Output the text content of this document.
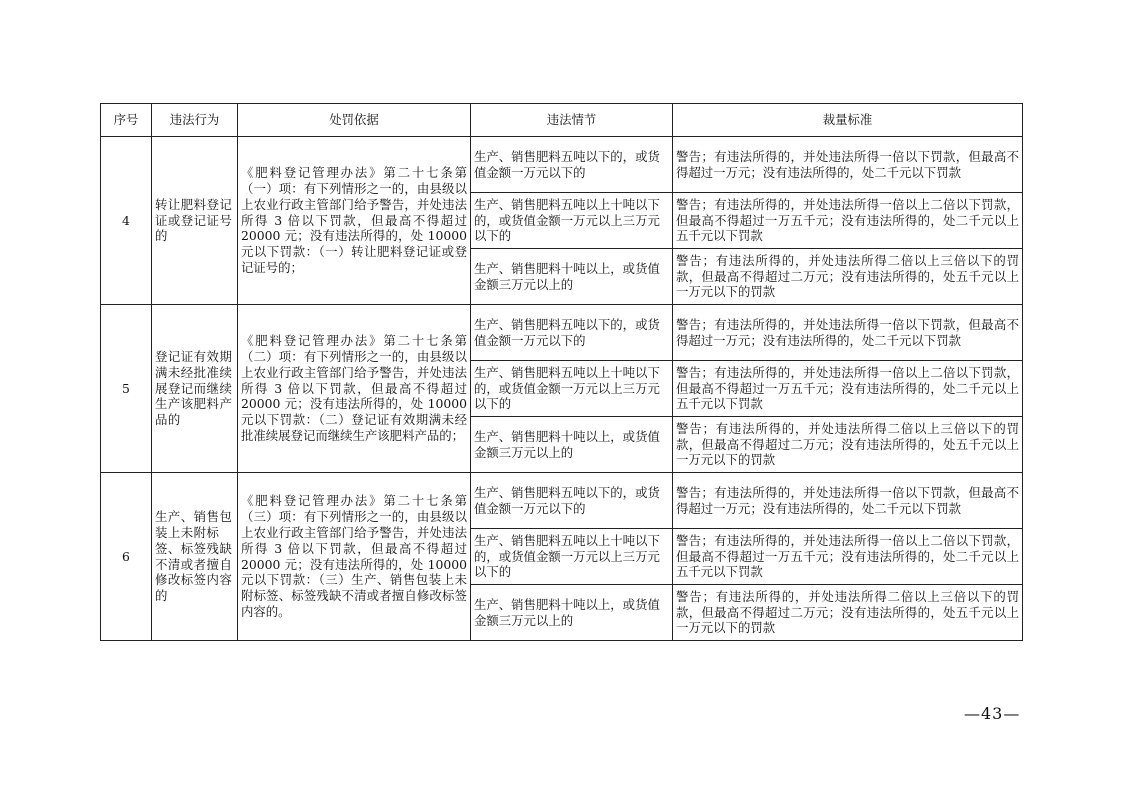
序号	违法行为	处罚依据	违法情节	裁量标准
4	转让肥料登记证或登记证号的	《肥料登记管理办法》第二十七条第（一）项：有下列情形之一的，由县级以上农业行政主管部门给予警告，并处违法所得 3 倍以下罚款，但最高不得超过 20000 元；没有违法所得的，处 10000 元以下罚款：（一）转让肥料登记证或登记证号的；	生产、销售肥料五吨以下的，或货值金额一万元以下的	警告；有违法所得的，并处违法所得一倍以下罚款，但最高不得超过一万元；没有违法所得的，处二千元以下罚款
			生产、销售肥料五吨以上十吨以下的，或货值金额一万元以上三万元以下的	警告；有违法所得的，并处违法所得一倍以上二倍以下罚款，但最高不得超过一万五千元；没有违法所得的，处二千元以上五千元以下罚款
			生产、销售肥料十吨以上，或货值金额三万元以上的	警告；有违法所得的，并处违法所得二倍以上三倍以下的罚款，但最高不得超过二万元；没有违法所得的，处五千元以上一万元以下的罚款
5	登记证有效期满未经批准续展登记而继续生产该肥料产品的	《肥料登记管理办法》第二十七条第（二）项：有下列情形之一的，由县级以上农业行政主管部门给予警告，并处违法所得 3 倍以下罚款，但最高不得超过 20000 元；没有违法所得的，处 10000 元以下罚款：（二）登记证有效期满未经批准续展登记而继续生产该肥料产品的；	生产、销售肥料五吨以下的，或货值金额一万元以下的	警告；有违法所得的，并处违法所得一倍以下罚款，但最高不得超过一万元；没有违法所得的，处二千元以下罚款
			生产、销售肥料五吨以上十吨以下的，或货值金额一万元以上三万元以下的	警告；有违法所得的，并处违法所得一倍以上二倍以下罚款，但最高不得超过一万五千元；没有违法所得的，处二千元以上五千元以下罚款
			生产、销售肥料十吨以上，或货值金额三万元以上的	警告；有违法所得的，并处违法所得二倍以上三倍以下的罚款，但最高不得超过二万元；没有违法所得的，处五千元以上一万元以下的罚款
6	生产、销售包装上未附标签、标签残缺不清或者擅自修改标签内容的	《肥料登记管理办法》第二十七条第（三）项：有下列情形之一的，由县级以上农业行政主管部门给予警告，并处违法所得 3 倍以下罚款，但最高不得超过 20000 元；没有违法所得的，处 10000 元以下罚款：（三）生产、销售包装上未附标签、标签残缺不清或者擅自修改标签内容的。	生产、销售肥料五吨以下的，或货值金额一万元以下的	警告；有违法所得的，并处违法所得一倍以下罚款，但最高不得超过一万元；没有违法所得的，处二千元以下罚款
			生产、销售肥料五吨以上十吨以下的，或货值金额一万元以上三万元以下的	警告；有违法所得的，并处违法所得一倍以上二倍以下罚款，但最高不得超过一万五千元；没有违法所得的，处二千元以上五千元以下罚款
			生产、销售肥料十吨以上，或货值金额三万元以上的	警告；有违法所得的，并处违法所得二倍以上三倍以下的罚款，但最高不得超过二万元；没有违法所得的，处五千元以上一万元以下的罚款
—43—
